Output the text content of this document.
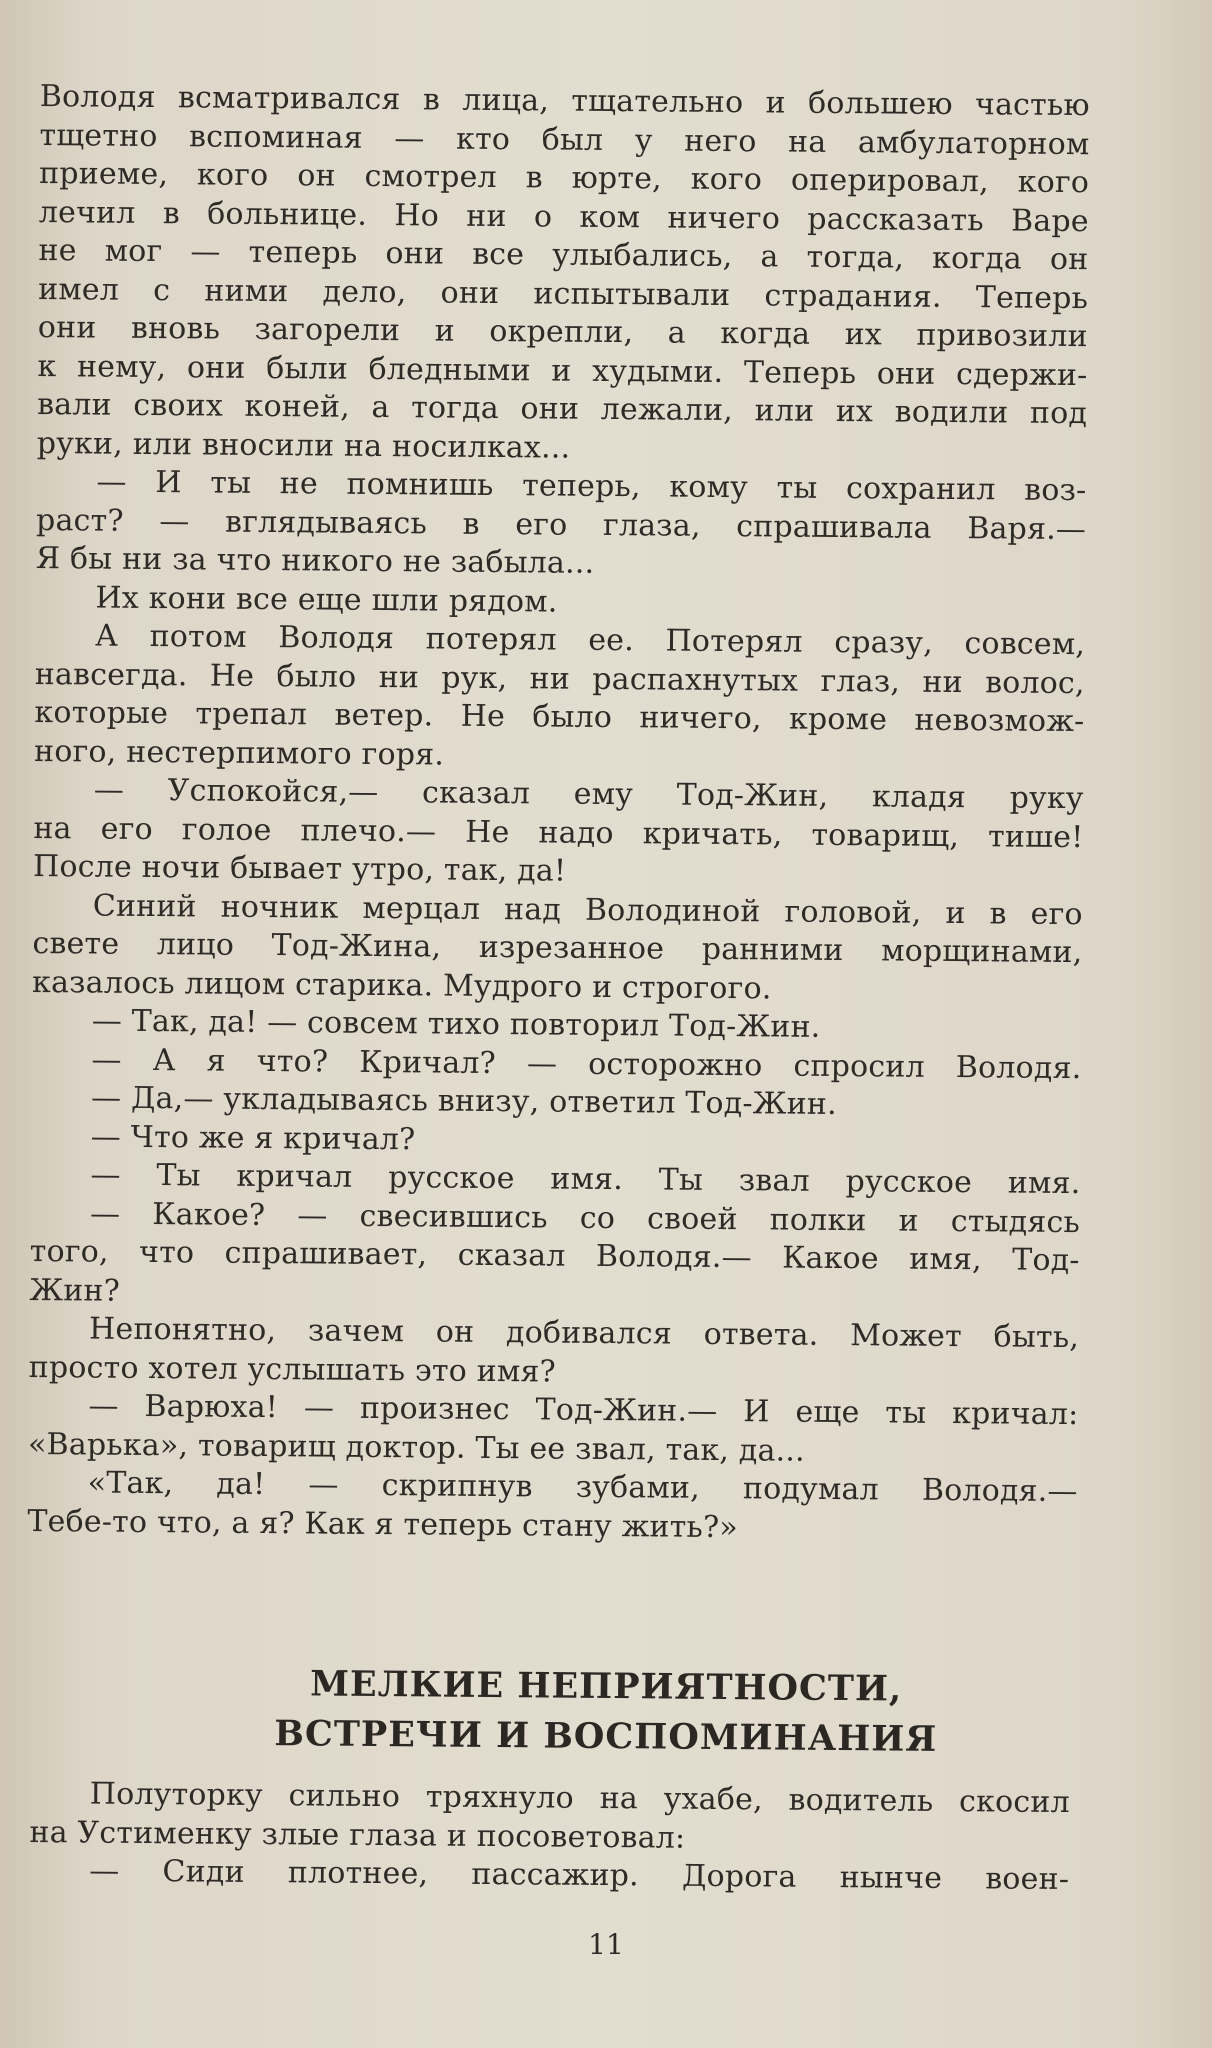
Володя всматривался в лица, тщательно и большею частью
тщетно вспоминая — кто был у него на амбулаторном
приеме, кого он смотрел в юрте, кого оперировал, кого
лечил в больнице. Но ни о ком ничего рассказать Варе
не мог — теперь они все улыбались, а тогда, когда он
имел с ними дело, они испытывали страдания. Теперь
они вновь загорели и окрепли, а когда их привозили
к нему, они были бледными и худыми. Теперь они сдержи-
вали своих коней, а тогда они лежали, или их водили под
руки, или вносили на носилках...
— И ты не помнишь теперь, кому ты сохранил воз-
раст? — вглядываясь в его глаза, спрашивала Варя.—
Я бы ни за что никого не забыла...
Их кони все еще шли рядом.
А потом Володя потерял ее. Потерял сразу, совсем,
навсегда. Не было ни рук, ни распахнутых глаз, ни волос,
которые трепал ветер. Не было ничего, кроме невозмож-
ного, нестерпимого горя.
— Успокойся,— сказал ему Тод-Жин, кладя руку
на его голое плечо.— Не надо кричать, товарищ, тише!
После ночи бывает утро, так, да!
Синий ночник мерцал над Володиной головой, и в его
свете лицо Тод-Жина, изрезанное ранними морщинами,
казалось лицом старика. Мудрого и строгого.
— Так, да! — совсем тихо повторил Тод-Жин.
— А я что? Кричал? — осторожно спросил Володя.
— Да,— укладываясь внизу, ответил Тод-Жин.
— Что же я кричал?
— Ты кричал русское имя. Ты звал русское имя.
— Какое? — свесившись со своей полки и стыдясь
того, что спрашивает, сказал Володя.— Какое имя, Тод-
Жин?
Непонятно, зачем он добивался ответа. Может быть,
просто хотел услышать это имя?
— Варюха! — произнес Тод-Жин.— И еще ты кричал:
«Варька», товарищ доктор. Ты ее звал, так, да...
«Так, да! — скрипнув зубами, подумал Володя.—
Тебе-то что, а я? Как я теперь стану жить?»
МЕЛКИЕ НЕПРИЯТНОСТИ,
ВСТРЕЧИ И ВОСПОМИНАНИЯ
Полуторку сильно тряхнуло на ухабе, водитель скосил
на Устименку злые глаза и посоветовал:
— Сиди плотнее, пассажир. Дорога нынче воен-
11
